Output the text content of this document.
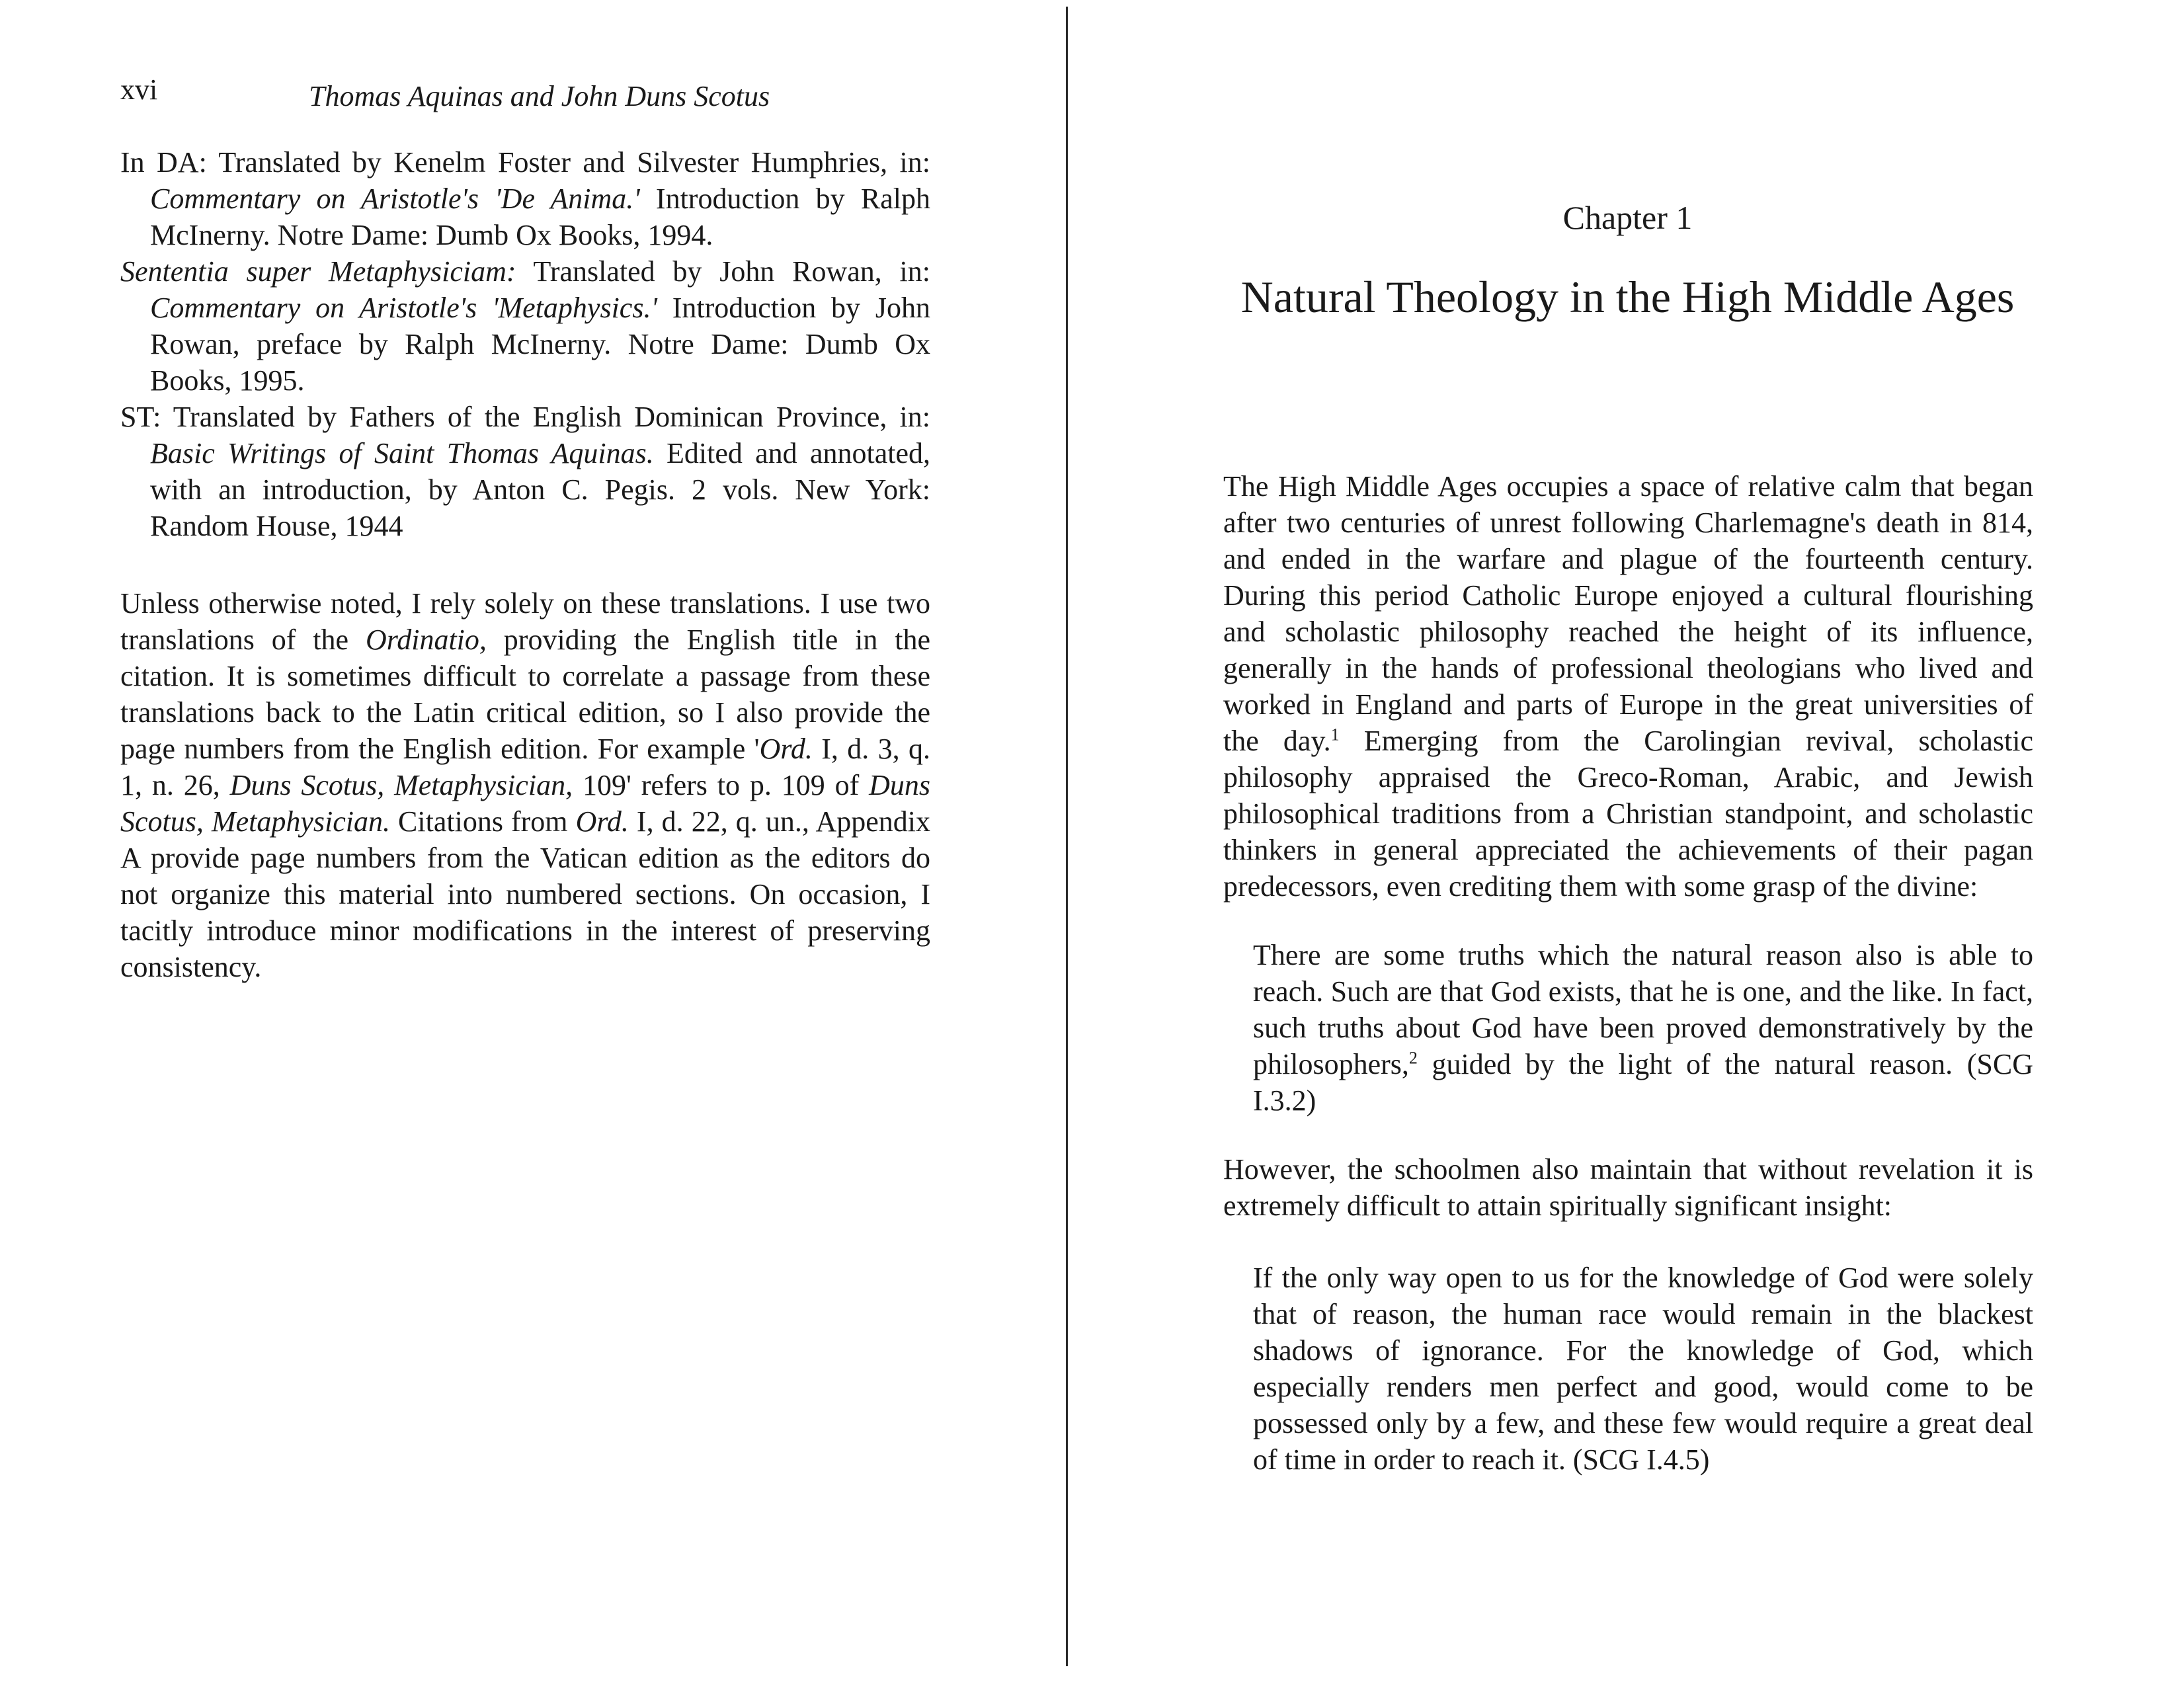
xvi	Thomas Aquinas and John Duns Scotus
In DA: Translated by Kenelm Foster and Silvester Humphries, in: Commentary on Aristotle's 'De Anima.' Introduction by Ralph McInerny. Notre Dame: Dumb Ox Books, 1994.
Sententia super Metaphysiciam: Translated by John Rowan, in: Commentary on Aristotle's 'Metaphysics.' Introduction by John Rowan, preface by Ralph McInerny. Notre Dame: Dumb Ox Books, 1995.
ST: Translated by Fathers of the English Dominican Province, in: Basic Writings of Saint Thomas Aquinas. Edited and annotated, with an introduction, by Anton C. Pegis. 2 vols. New York: Random House, 1944

Unless otherwise noted, I rely solely on these translations. I use two translations of the Ordinatio, providing the English title in the citation. It is sometimes difficult to correlate a passage from these translations back to the Latin critical edition, so I also provide the page numbers from the English edition. For example 'Ord. I, d. 3, q. 1, n. 26, Duns Scotus, Metaphysician, 109' refers to p. 109 of Duns Scotus, Metaphysician. Citations from Ord. I, d. 22, q. un., Appendix A provide page numbers from the Vatican edition as the editors do not organize this material into numbered sections. On occasion, I tacitly introduce minor modifications in the interest of preserving consistency.

Chapter 1
Natural Theology in the High Middle Ages

The High Middle Ages occupies a space of relative calm that began after two centuries of unrest following Charlemagne's death in 814, and ended in the warfare and plague of the fourteenth century. During this period Catholic Europe enjoyed a cultural flourishing and scholastic philosophy reached the height of its influence, generally in the hands of professional theologians who lived and worked in England and parts of Europe in the great universities of the day.$^1$ Emerging from the Carolingian revival, scholastic philosophy appraised the Greco-Roman, Arabic, and Jewish philosophical traditions from a Christian standpoint, and scholastic thinkers in general appreciated the achievements of their pagan predecessors, even crediting them with some grasp of the divine:

There are some truths which the natural reason also is able to reach. Such are that God exists, that he is one, and the like. In fact, such truths about God have been proved demonstratively by the philosophers,$^2$ guided by the light of the natural reason. (SCG I.3.2)

However, the schoolmen also maintain that without revelation it is extremely difficult to attain spiritually significant insight:

If the only way open to us for the knowledge of God were solely that of reason, the human race would remain in the blackest shadows of ignorance. For the knowledge of God, which especially renders men perfect and good, would come to be possessed only by a few, and these few would require a great deal of time in order to reach it. (SCG I.4.5)
